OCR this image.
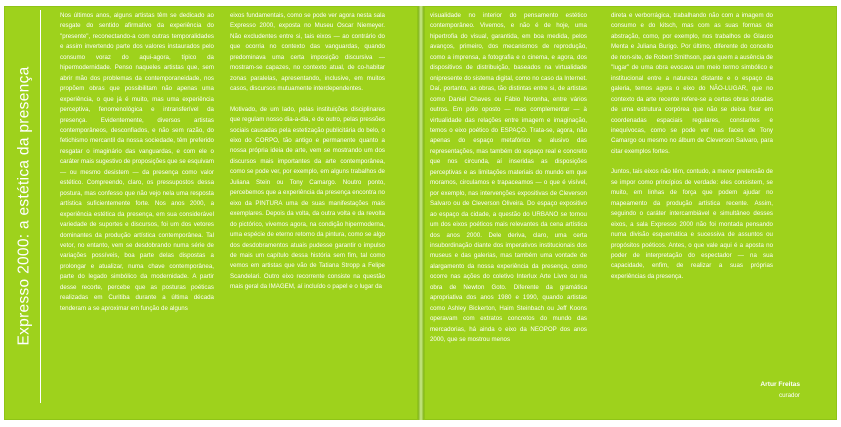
Expresso 2000: a estética da presença

Nos últimos anos, alguns artistas têm se dedicado ao resgate do sentido afirmativo da experiência do "presente", reconectando-a com outras temporalidades e assim invertendo parte dos valores instaurados pelo consumo voraz do aqui-agora, típico da hipermodernidade. Penso naqueles artistas que, sem abrir mão dos problemas da contemporaneidade, nos propõem obras que possibilitam não apenas uma experiência, o que já é muito, mas uma experiência perceptiva, fenomenológica e intransferível da presença. Evidentemente, diversos artistas contemporâneos, desconfiados, e não sem razão, do fetichismo mercantil da nossa sociedade, têm preferido resgatar o imaginário das vanguardas, e com ele o caráter mais sugestivo de proposições que se esquivam — ou mesmo desistem — da presença como valor estético. Compreendo, claro, os pressupostos dessa postura, mas confesso que não vejo nela uma resposta artística suficientemente forte. Nos anos 2000, a experiência estética da presença, em sua considerável variedade de suportes e discursos, foi um dos vetores dominantes da produção artística contemporânea. Tal vetor, no entanto, vem se desdobrando numa série de variações possíveis, boa parte delas dispostas a prolongar e atualizar, numa chave contemporânea, parte do legado simbólico da modernidade. A partir desse recorte, percebe que as posturas poéticas realizadas em Curitiba durante a última década tenderam a se aproximar em função de alguns

eixos fundamentais, como se pode ver agora nesta sala Expresso 2000, exposta no Museu Oscar Niemeyer. Não excludentes entre si, tais eixos — ao contrário do que ocorria no contexto das vanguardas, quando predominava uma certa imposição discursiva — mostram-se capazes, no contexto atual, de co-habitar zonas paralelas, apresentando, inclusive, em muitos casos, discursos mutuamente interdependentes.

Motivado, de um lado, pelas instituições disciplinares que regulam nosso dia-a-dia, e de outro, pelas pressões sociais causadas pela estetização publicitária do belo, o eixo do CORPO, tão antigo e permanente quanto a nossa própria ideia de arte, vem se mostrando um dos discursos mais importantes da arte contemporânea, como se pode ver, por exemplo, em alguns trabalhos de Juliana Stein ou Tony Camargo. Noutro ponto, percebemos que a experiência da presença encontra no eixo da PINTURA uma de suas manifestações mais exemplares. Depois da volta, da outra volta e da revolta do pictórico, vivemos agora, na condição hipermoderna, uma espécie de eterno retorno da pintura, como se algo dos desdobramentos atuais pudesse garantir o impulso de mais um capítulo dessa história sem fim, tal como vemos em artistas que vão de Tatiana Stropp a Felipe Scandelari. Outro eixo recorrente consiste na questão mais geral da IMAGEM, aí incluído o papel e o lugar da

visualidade no interior do pensamento estético contemporâneo. Vivemos, e não é de hoje, uma hipertrofia do visual, garantida, em boa medida, pelos avanços, primeiro, dos mecanismos de reprodução, como a imprensa, a fotografia e o cinema, e agora, dos dispositivos de distribuição, baseados na virtualidade onipresente do sistema digital, como no caso da Internet. Daí, portanto, as obras, tão distintas entre si, de artistas como Daniel Chaves ou Fábio Noronha, entre vários outros. Em pólo oposto — mas complementar — à virtualidade das relações entre imagem e imaginação, temos o eixo poético do ESPAÇO. Trata-se, agora, não apenas do espaço metafórico e alusivo das representações, mas também do espaço real e concreto que nos circunda, aí inseridas as disposições perceptivas e as limitações materiais do mundo em que moramos, circulamos e trapaceamos — o que é visível, por exemplo, nas intervenções expositivas de Cleverson Salvaro ou de Cleverson Oliveira. Do espaço expositivo ao espaço da cidade, a questão do URBANO se tornou um dos eixos poéticos mais relevantes da cena artística dos anos 2000. Dele deriva, claro, uma certa insubordinação diante dos imperativos institucionais dos museus e das galerias, mas também uma vontade de alargamento da nossa experiência da presença, como ocorre nas ações do coletivo Interlux Arte Livre ou na obra de Newton Goto. Diferente da gramática apropriativa dos anos 1980 e 1990, quando artistas como Ashley Bickerton, Haim Steinbach ou Jeff Koons operavam com extratos concretos do mundo das mercadorias, há ainda o eixo da NEOPOP dos anos 2000, que se mostrou menos

direta e verborrágica, trabalhando não com a imagem do consumo e do kitsch, mas com as suas formas de abstração, como, por exemplo, nos trabalhos de Glauco Menta e Juliana Burigo. Por último, diferente do conceito de non-site, de Robert Smithson, para quem a ausência de "lugar" de uma obra evocava um meio termo simbólico e institucional entre a natureza distante e o espaço da galeria, temos agora o eixo do NÃO-LUGAR, que no contexto da arte recente refere-se a certas obras dotadas de uma estrutura corpórea que não se deixa fixar em coordenadas espaciais regulares, constantes e inequívocas, como se pode ver nas faces de Tony Camargo ou mesmo no álbum de Cleverson Salvaro, para citar exemplos fortes.

Juntos, tais eixos não têm, contudo, a menor pretensão de se impor como princípios de verdade: eles consistem, se muito, em linhas de força que podem ajudar no mapeamento da produção artística recente. Assim, seguindo o caráter intercambiável e simultâneo desses eixos, a sala Expresso 2000 não foi montada pensando numa divisão esquemática e sucessiva de assuntos ou propósitos poéticos. Antes, o que vale aqui é a aposta no poder de interpretação do espectador — na sua capacidade, enfim, de realizar a suas próprias experiências da presença.

Artur Freitas
curador
